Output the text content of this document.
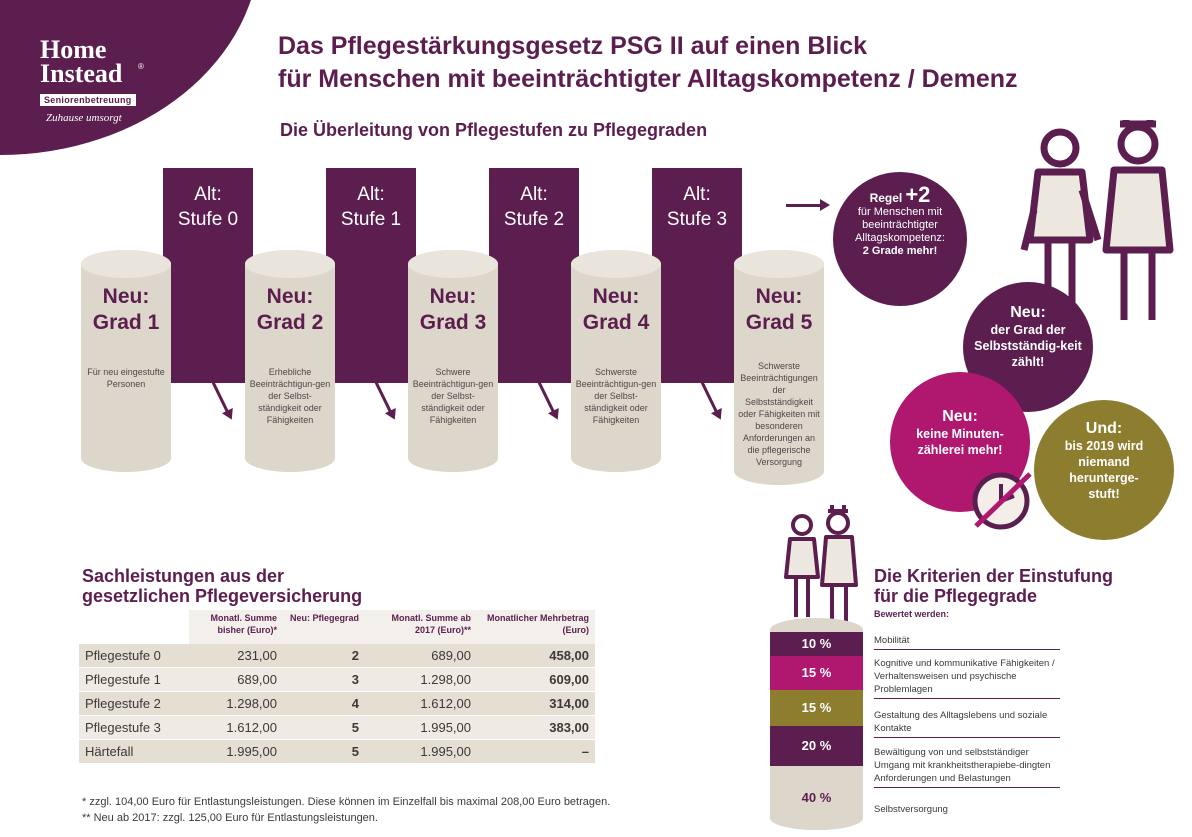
Home
Instead ®
Seniorenbetreuung
Zuhause umsorgt
Das Pflegestärkungsgesetz PSG II auf einen Blick
für Menschen mit beeinträchtigter Alltagskompetenz / Demenz
Die Überleitung von Pflegestufen zu Pflegegraden
Alt:
Stufe 0
Alt:
Stufe 1
Alt:
Stufe 2
Alt:
Stufe 3
Neu:
Grad 1
Für neu eingestufte Personen
Neu:
Grad 2
Erhebliche Beeinträchtigun-gen der Selbst-ständigkeit oder Fähigkeiten
Neu:
Grad 3
Schwere Beeinträchtigun-gen der Selbst-ständigkeit oder Fähigkeiten
Neu:
Grad 4
Schwerste Beeinträchtigun-gen der Selbst-ständigkeit oder Fähigkeiten
Neu:
Grad 5
Schwerste Beeinträchtigungen der Selbstständigkeit oder Fähigkeiten mit besonderen Anforderungen an die pflegerische Versorgung
Regel +2
für Menschen mit beeinträchtigter Alltagskompetenz:
2 Grade mehr!
Neu:
der Grad der Selbstständig-keit zählt!
Neu:
keine Minuten-zählerei mehr!
Und:
bis 2019 wird niemand herunterge-stuft!
Sachleistungen aus der
gesetzlichen Pflegeversicherung
	Monatl. Summe bisher (Euro)*	Neu: Pflegegrad	Monatl. Summe ab 2017 (Euro)**	Monatlicher Mehrbetrag (Euro)
Pflegestufe 0	231,00	2	689,00	458,00
Pflegestufe 1	689,00	3	1.298,00	609,00
Pflegestufe 2	1.298,00	4	1.612,00	314,00
Pflegestufe 3	1.612,00	5	1.995,00	383,00
Härtefall	1.995,00	5	1.995,00	–
* zzgl. 104,00 Euro für Entlastungsleistungen. Diese können im Einzelfall bis maximal 208,00 Euro betragen.
** Neu ab 2017: zzgl. 125,00 Euro für Entlastungsleistungen.
10 %
15 %
15 %
20 %
40 %
Die Kriterien der Einstufung
für die Pflegegrade
Bewertet werden:
Mobilität
Kognitive und kommunikative Fähigkeiten / Verhaltensweisen und psychische Problemlagen
Gestaltung des Alltagslebens und soziale Kontakte
Bewältigung von und selbstständiger Umgang mit krankheitstherapiebe-dingten Anforderungen und Belastungen
Selbstversorgung
